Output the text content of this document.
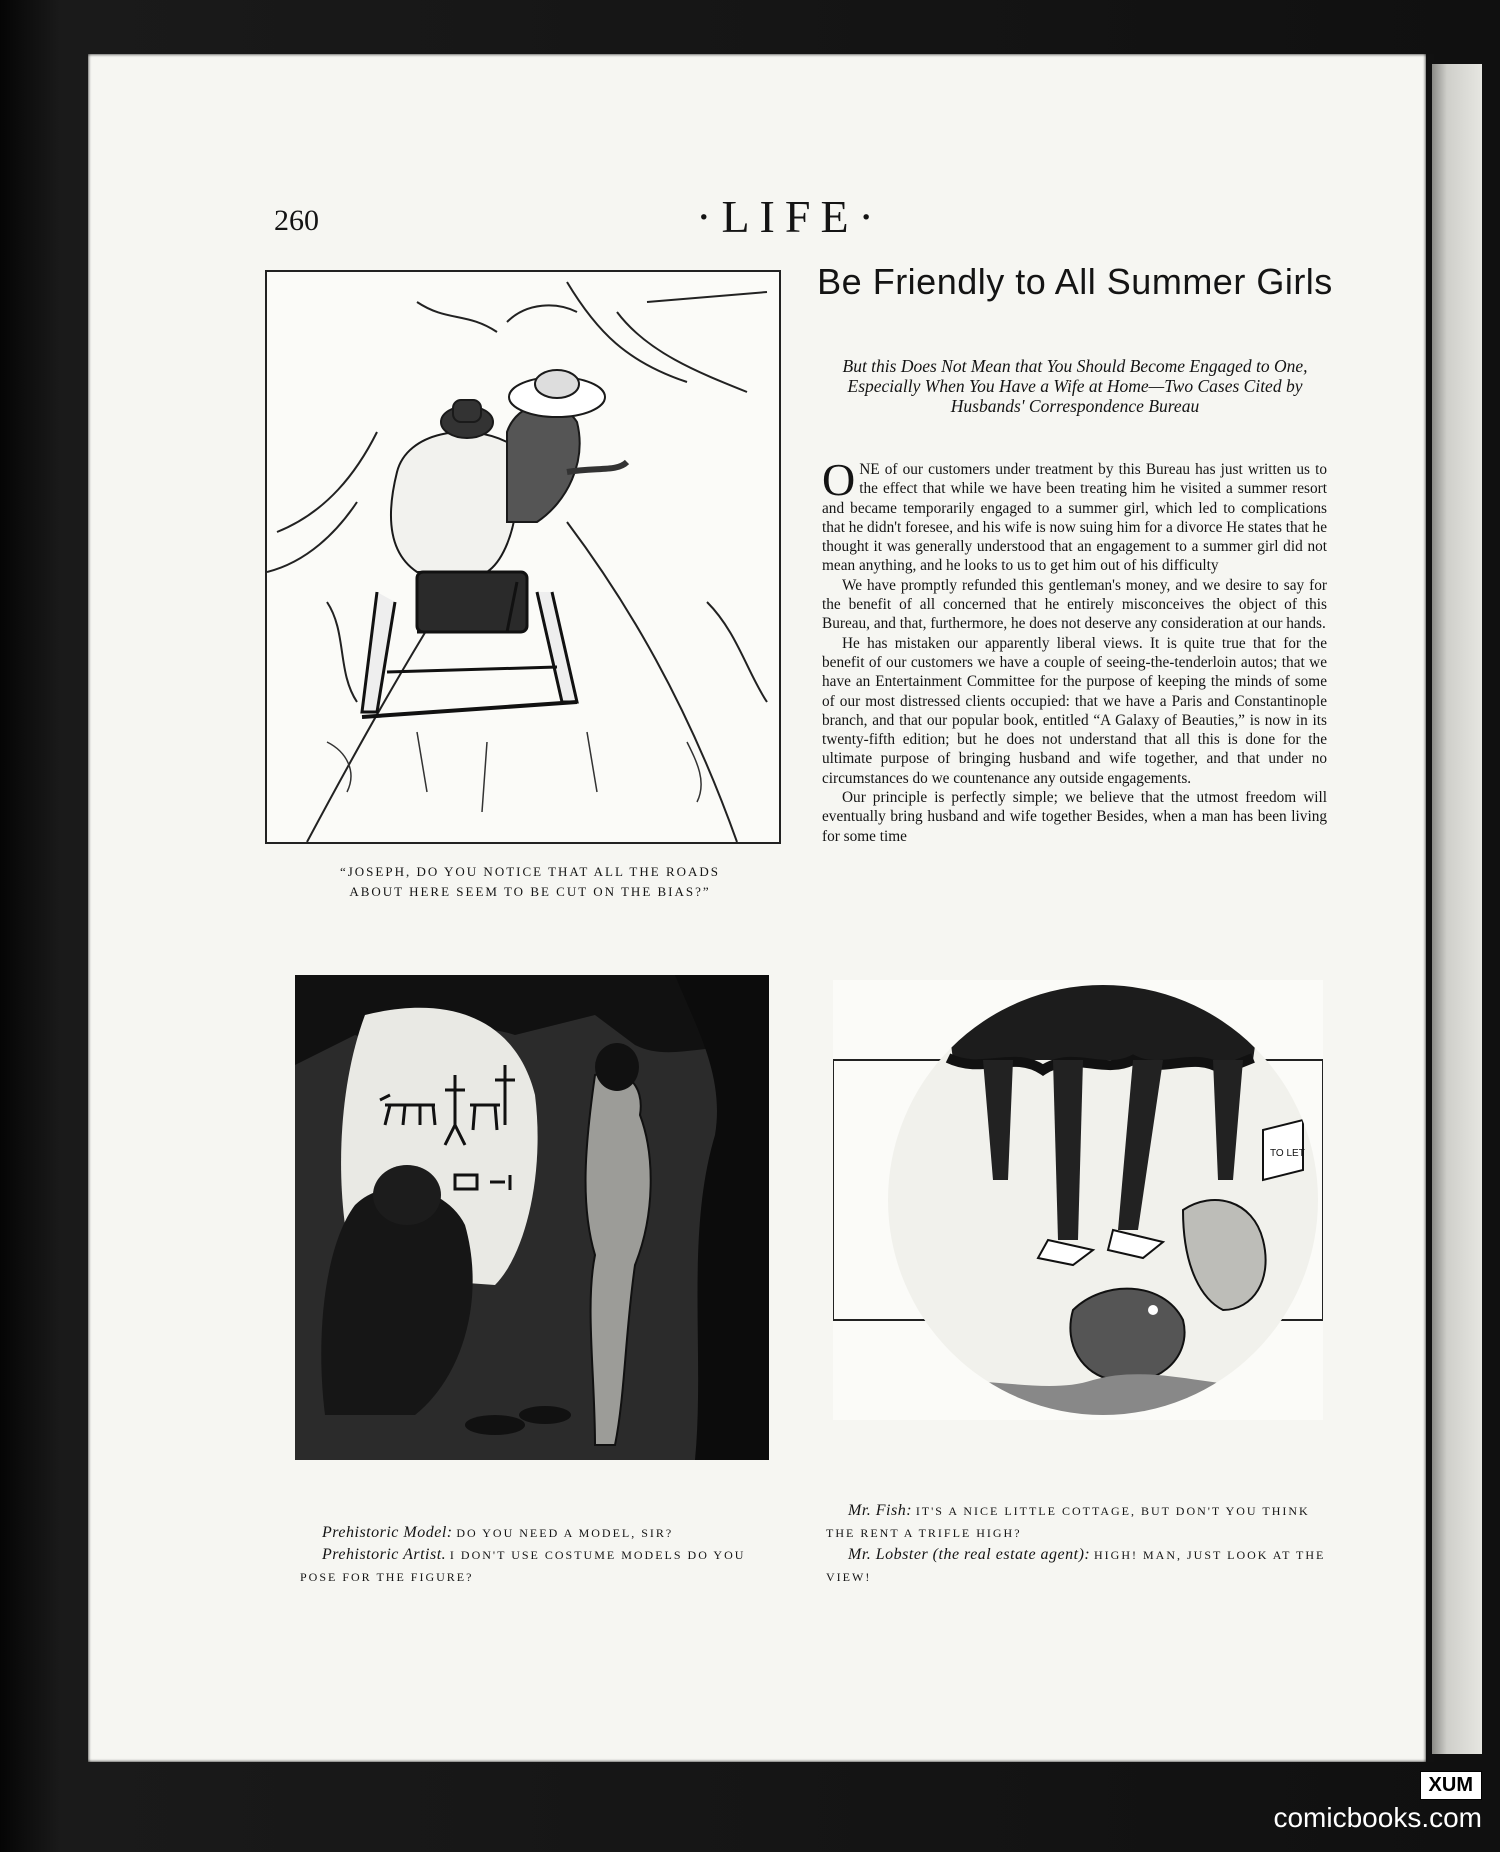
260	·LIFE·
“JOSEPH, DO YOU NOTICE THAT ALL THE ROADS ABOUT HERE SEEM TO BE CUT ON THE BIAS?”
Be Friendly to All Summer Girls
But this Does Not Mean that You Should Become Engaged to One, Especially When You Have a Wife at Home—Two Cases Cited by Husbands' Correspondence Bureau

ONE of our customers under treatment by this Bureau has just written us to the effect that while we have been treating him he visited a summer resort and became temporarily engaged to a summer girl, which led to complications that he didn't foresee, and his wife is now suing him for a divorce He states that he thought it was generally understood that an engagement to a summer girl did not mean anything, and he looks to us to get him out of his difficulty

We have promptly refunded this gentleman's money, and we desire to say for the benefit of all concerned that he entirely misconceives the object of this Bureau, and that, furthermore, he does not deserve any consideration at our hands.

He has mistaken our apparently liberal views. It is quite true that for the benefit of our customers we have a couple of seeing-the-tenderloin autos; that we have an Entertainment Committee for the purpose of keeping the minds of some of our most distressed clients occupied: that we have a Paris and Constantinople branch, and that our popular book, entitled “A Galaxy of Beauties,” is now in its twenty-fifth edition; but he does not understand that all this is done for the ultimate purpose of bringing husband and wife together, and that under no circumstances do we countenance any outside engagements.

Our principle is perfectly simple; we believe that the utmost freedom will eventually bring husband and wife together Besides, when a man has been living for some time

Prehistoric Model: DO YOU NEED A MODEL, SIR?

Prehistoric Artist. I DON'T USE COSTUME MODELS DO YOU POSE FOR THE FIGURE?

TO LET

Mr. Fish: IT'S A NICE LITTLE COTTAGE, BUT DON'T YOU THINK THE RENT A TRIFLE HIGH?

Mr. Lobster (the real estate agent): HIGH! MAN, JUST LOOK AT THE VIEW!

XUM
comicbooks.com
